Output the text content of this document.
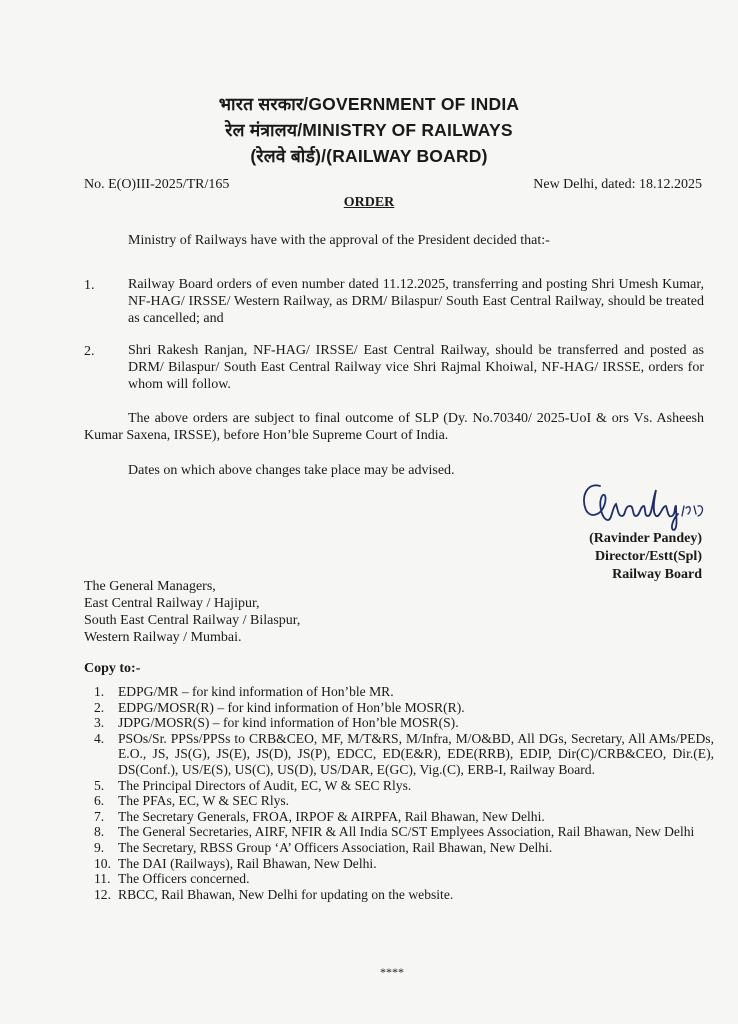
भारत सरकार/GOVERNMENT OF INDIA
रेल मंत्रालय/MINISTRY OF RAILWAYS
(रेलवे बोर्ड)/(RAILWAY BOARD)
No. E(O)III-2025/TR/165	New Delhi, dated: 18.12.2025
ORDER
Ministry of Railways have with the approval of the President decided that:-
1. Railway Board orders of even number dated 11.12.2025, transferring and posting Shri Umesh Kumar, NF-HAG/ IRSSE/ Western Railway, as DRM/ Bilaspur/ South East Central Railway, should be treated as cancelled; and
2. Shri Rakesh Ranjan, NF-HAG/ IRSSE/ East Central Railway, should be transferred and posted as DRM/ Bilaspur/ South East Central Railway vice Shri Rajmal Khoiwal, NF-HAG/ IRSSE, orders for whom will follow.
The above orders are subject to final outcome of SLP (Dy. No.70340/ 2025-UoI & ors Vs. Asheesh Kumar Saxena, IRSSE), before Hon’ble Supreme Court of India.
Dates on which above changes take place may be advised.
(Ravinder Pandey)
Director/Estt(Spl)
Railway Board
The General Managers,
East Central Railway / Hajipur,
South East Central Railway / Bilaspur,
Western Railway / Mumbai.
Copy to:-
1. EDPG/MR – for kind information of Hon’ble MR.
2. EDPG/MOSR(R) – for kind information of Hon’ble MOSR(R).
3. JDPG/MOSR(S) – for kind information of Hon’ble MOSR(S).
4. PSOs/Sr. PPSs/PPSs to CRB&CEO, MF, M/T&RS, M/Infra, M/O&BD, All DGs, Secretary, All AMs/PEDs, E.O., JS, JS(G), JS(E), JS(D), JS(P), EDCC, ED(E&R), EDE(RRB), EDIP, Dir(C)/CRB&CEO, Dir.(E), DS(Conf.), US/E(S), US(C), US(D), US/DAR, E(GC), Vig.(C), ERB-I, Railway Board.
5. The Principal Directors of Audit, EC, W & SEC Rlys.
6. The PFAs, EC, W & SEC Rlys.
7. The Secretary Generals, FROA, IRPOF & AIRPFA, Rail Bhawan, New Delhi.
8. The General Secretaries, AIRF, NFIR & All India SC/ST Emplyees Association, Rail Bhawan, New Delhi
9. The Secretary, RBSS Group ‘A’ Officers Association, Rail Bhawan, New Delhi.
10. The DAI (Railways), Rail Bhawan, New Delhi.
11. The Officers concerned.
12. RBCC, Rail Bhawan, New Delhi for updating on the website.
****
